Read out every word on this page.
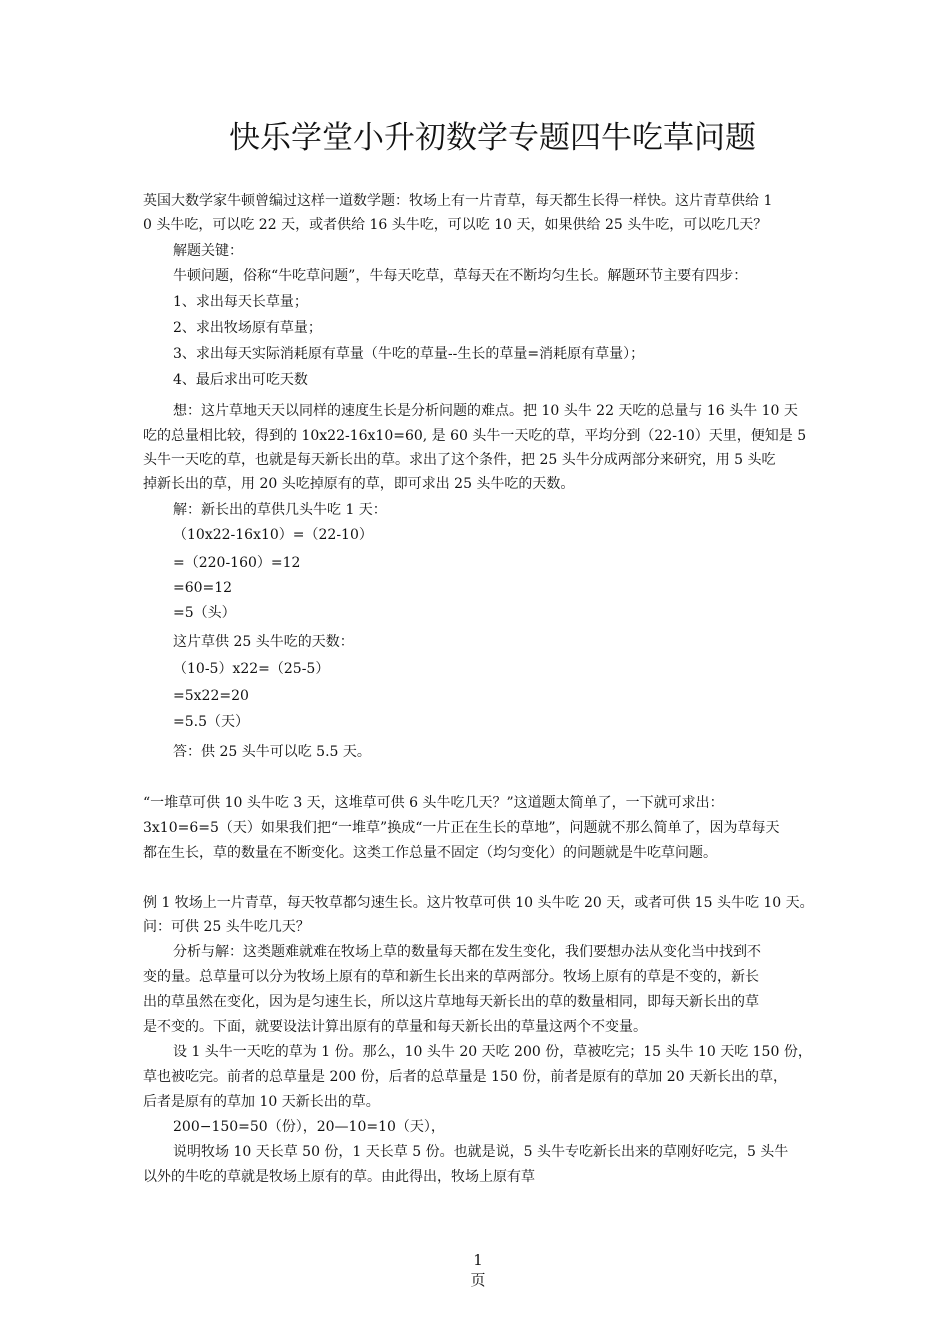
快乐学堂小升初数学专题四牛吃草问题
英国大数学家牛顿曾编过这样一道数学题：牧场上有一片青草，每天都生长得一样快。这片青草供给 1
0 头牛吃，可以吃 22 天，或者供给 16 头牛吃，可以吃 10 天，如果供给 25 头牛吃，可以吃几天？
解题关键：
牛顿问题，俗称“牛吃草问题”，牛每天吃草，草每天在不断均匀生长。解题环节主要有四步：
1、求出每天长草量；
2、求出牧场原有草量；
3、求出每天实际消耗原有草量（牛吃的草量--生长的草量=消耗原有草量）；
4、最后求出可吃天数
想：这片草地天天以同样的速度生长是分析问题的难点。把 10 头牛 22 天吃的总量与 16 头牛 10 天
吃的总量相比较，得到的 10x22-16x10=60, 是 60 头牛一天吃的草，平均分到（22-10）天里，便知是 5
头牛一天吃的草，也就是每天新长出的草。求出了这个条件，把 25 头牛分成两部分来研究，用 5 头吃
掉新长出的草，用 20 头吃掉原有的草，即可求出 25 头牛吃的天数。
解：新长出的草供几头牛吃 1 天：
（10x22-16x10）=（22-10）
=（220-160）=12
=60=12
=5（头）
这片草供 25 头牛吃的天数：
（10-5）x22=（25-5）
=5x22=20
=5.5（天）
答：供 25 头牛可以吃 5.5 天。
“一堆草可供 10 头牛吃 3 天，这堆草可供 6 头牛吃几天？”这道题太简单了，一下就可求出：
3x10=6=5（天）如果我们把“一堆草”换成“一片正在生长的草地”，问题就不那么简单了，因为草每天
都在生长，草的数量在不断变化。这类工作总量不固定（均匀变化）的问题就是牛吃草问题。
例 1 牧场上一片青草，每天牧草都匀速生长。这片牧草可供 10 头牛吃 20 天，或者可供 15 头牛吃 10 天。
问：可供 25 头牛吃几天？
分析与解：这类题难就难在牧场上草的数量每天都在发生变化，我们要想办法从变化当中找到不
变的量。总草量可以分为牧场上原有的草和新生长出来的草两部分。牧场上原有的草是不变的，新长
出的草虽然在变化，因为是匀速生长，所以这片草地每天新长出的草的数量相同，即每天新长出的草
是不变的。下面，就要设法计算出原有的草量和每天新长出的草量这两个不变量。
设 1 头牛一天吃的草为 1 份。那么，10 头牛 20 天吃 200 份，草被吃完；15 头牛 10 天吃 150 份，
草也被吃完。前者的总草量是 200 份，后者的总草量是 150 份，前者是原有的草加 20 天新长出的草，
后者是原有的草加 10 天新长出的草。
200−150=50（份），20—10=10（天），
说明牧场 10 天长草 50 份，1 天长草 5 份。也就是说，5 头牛专吃新长出来的草刚好吃完，5 头牛
以外的牛吃的草就是牧场上原有的草。由此得出，牧场上原有草
1
页
